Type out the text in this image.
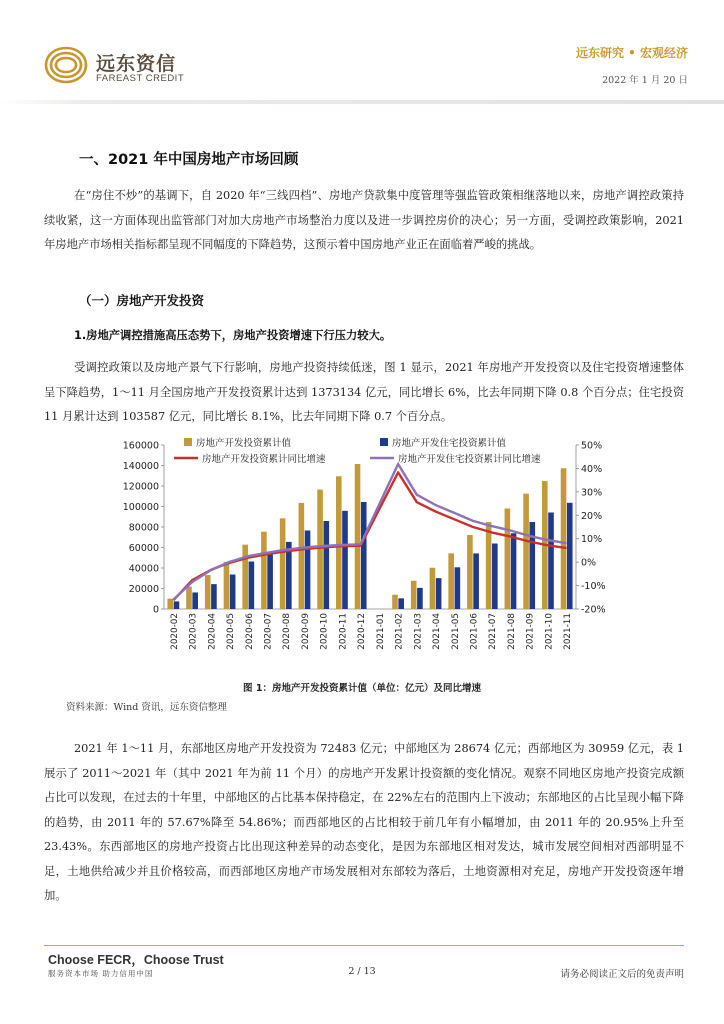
远东资信
FAREAST CREDIT
远东研究 • 宏观经济
2022 年 1 月 20 日
一、2021 年中国房地产市场回顾
在“房住不炒”的基调下，自 2020 年“三线四档”、房地产贷款集中度管理等强监管政策相继落地以来，房地产调控政策持续收紧，这一方面体现出监管部门对加大房地产市场整治力度以及进一步调控房价的决心；另一方面，受调控政策影响，2021 年房地产市场相关指标都呈现不同幅度的下降趋势，这预示着中国房地产业正在面临着严峻的挑战。
（一）房地产开发投资
1.房地产调控措施高压态势下，房地产投资增速下行压力较大。
受调控政策以及房地产景气下行影响，房地产投资持续低迷，图 1 显示，2021 年房地产开发投资以及住宅投资增速整体呈下降趋势，1～11 月全国房地产开发投资累计达到 1373134 亿元，同比增长 6%，比去年同期下降 0.8 个百分点；住宅投资 11 月累计达到 103587 亿元，同比增长 8.1%，比去年同期下降 0.7 个百分点。
0
20000
40000
60000
80000
100000
120000
140000
160000
-20%
-10%
0%
10%
20%
30%
40%
50%
2020-02 2020-03 2020-04 2020-05 2020-06 2020-07 2020-08 2020-09 2020-10 2020-11 2020-12 2021-01 2021-02 2021-03 2021-04 2021-05 2021-06 2021-07 2021-08 2021-09 2021-10 2021-11
房地产开发投资累计值	房地产开发住宅投资累计值
房地产开发投资累计同比增速	房地产开发住宅投资累计同比增速
图 1：房地产开发投资累计值（单位：亿元）及同比增速
资料来源：Wind 资讯，远东资信整理
2021 年 1～11 月，东部地区房地产开发投资为 72483 亿元；中部地区为 28674 亿元；西部地区为 30959 亿元，表 1 展示了 2011～2021 年（其中 2021 年为前 11 个月）的房地产开发累计投资额的变化情况。观察不同地区房地产投资完成额占比可以发现，在过去的十年里，中部地区的占比基本保持稳定，在 22%左右的范围内上下波动；东部地区的占比呈现小幅下降的趋势，由 2011 年的 57.67%降至 54.86%；而西部地区的占比相较于前几年有小幅增加，由 2011 年的 20.95%上升至 23.43%。东西部地区的房地产投资占比出现这种差异的动态变化，是因为东部地区相对发达，城市发展空间相对西部明显不足，土地供给减少并且价格较高，而西部地区房地产市场发展相对东部较为落后，土地资源相对充足，房地产开发投资逐年增加。
Choose FECR，Choose Trust
服务资本市场 助力信用中国	2 / 13	请务必阅读正文后的免责声明
